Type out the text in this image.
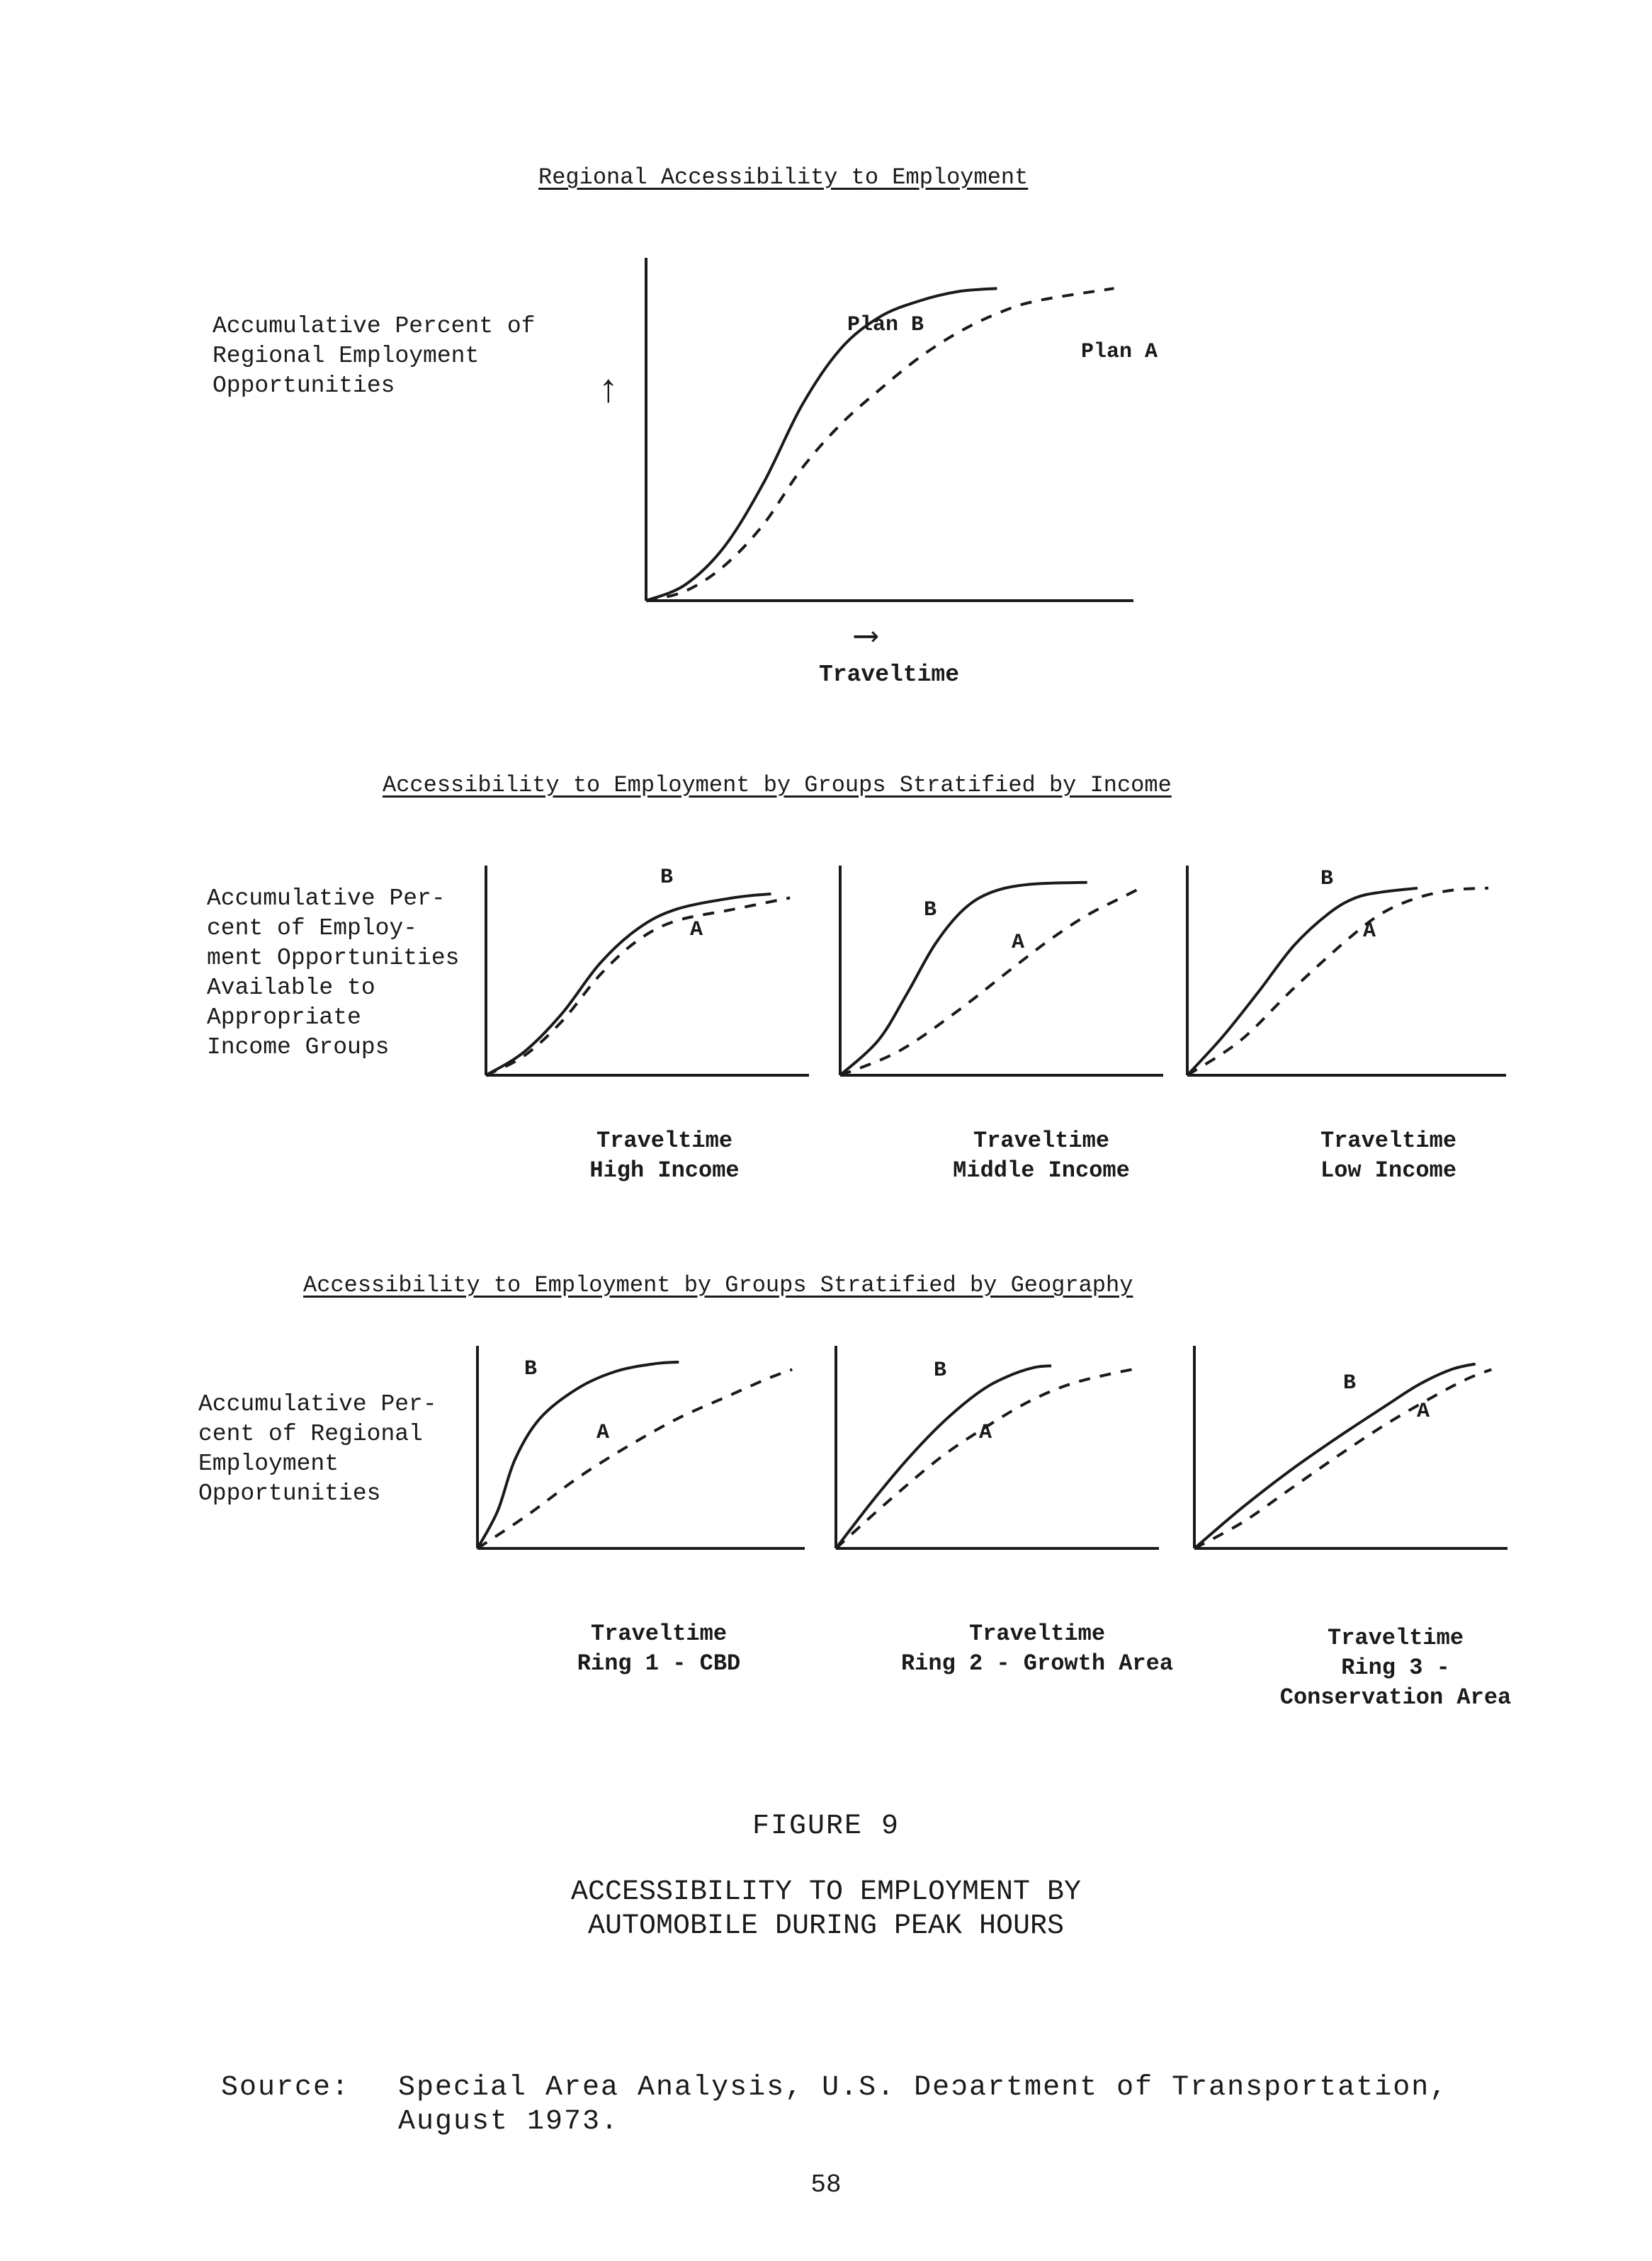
Regional Accessibility to Employment
Accumulative Percent of
Regional Employment
Opportunities	↑
Plan B
Plan A
B
A
B
A
B
A
B
A
B
A
B
A
⟶
Traveltime
Accessibility to Employment by Groups Stratified by Income
Accumulative Per-
cent of Employ-
ment Opportunities
Available to
Appropriate
Income Groups
Traveltime
High Income
Traveltime
Middle Income
Traveltime
Low Income
Accessibility to Employment by Groups Stratified by Geography
Accumulative Per-
cent of Regional
Employment
Opportunities
Traveltime
Ring 1 - CBD
Traveltime
Ring 2 - Growth Area
Traveltime
Ring 3 -
Conservation Area
FIGURE 9
ACCESSIBILITY TO EMPLOYMENT BY
AUTOMOBILE DURING PEAK HOURS
Source: Special Area Analysis, U.S. Deɔartment of Transportation,
August 1973.
58
